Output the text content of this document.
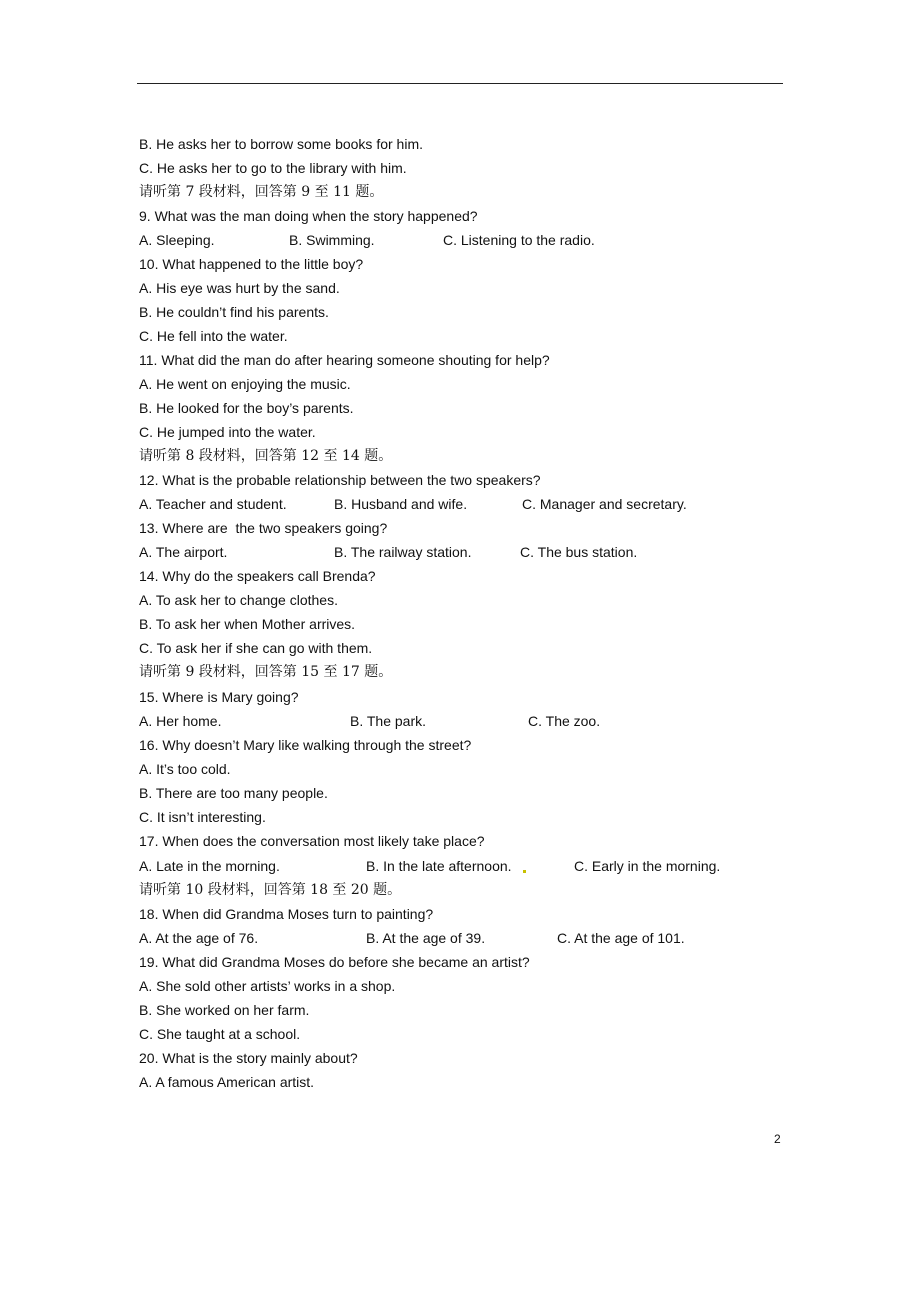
B. He asks her to borrow some books for him.
C. He asks her to go to the library with him.
请听第 7 段材料，回答第 9 至 11 题。
9. What was the man doing when the story happened?
A. Sleeping.	B. Swimming.	C. Listening to the radio.
10. What happened to the little boy?
A. His eye was hurt by the sand.
B. He couldn’t find his parents.
C. He fell into the water.
11. What did the man do after hearing someone shouting for help?
A. He went on enjoying the music.
B. He looked for the boy’s parents.
C. He jumped into the water.
请听第 8 段材料，回答第 12 至 14 题。
12. What is the probable relationship between the two speakers?
A. Teacher and student.	B. Husband and wife.	C. Manager and secretary.
13. Where are  the two speakers going?
A. The airport.	B. The railway station.	C. The bus station.
14. Why do the speakers call Brenda?
A. To ask her to change clothes.
B. To ask her when Mother arrives.
C. To ask her if she can go with them.
请听第 9 段材料，回答第 15 至 17 题。
15. Where is Mary going?
A. Her home.	B. The park.	C. The zoo.
16. Why doesn’t Mary like walking through the street?
A. It’s too cold.
B. There are too many people.
C. It isn’t interesting.
17. When does the conversation most likely take place?
A. Late in the morning.	B. In the late afternoon.	C. Early in the morning.
请听第 10 段材料，回答第 18 至 20 题。
18. When did Grandma Moses turn to painting?
A. At the age of 76.	B. At the age of 39.	C. At the age of 101.
19. What did Grandma Moses do before she became an artist?
A. She sold other artists’ works in a shop.
B. She worked on her farm.
C. She taught at a school.
20. What is the story mainly about?
A. A famous American artist.
2
